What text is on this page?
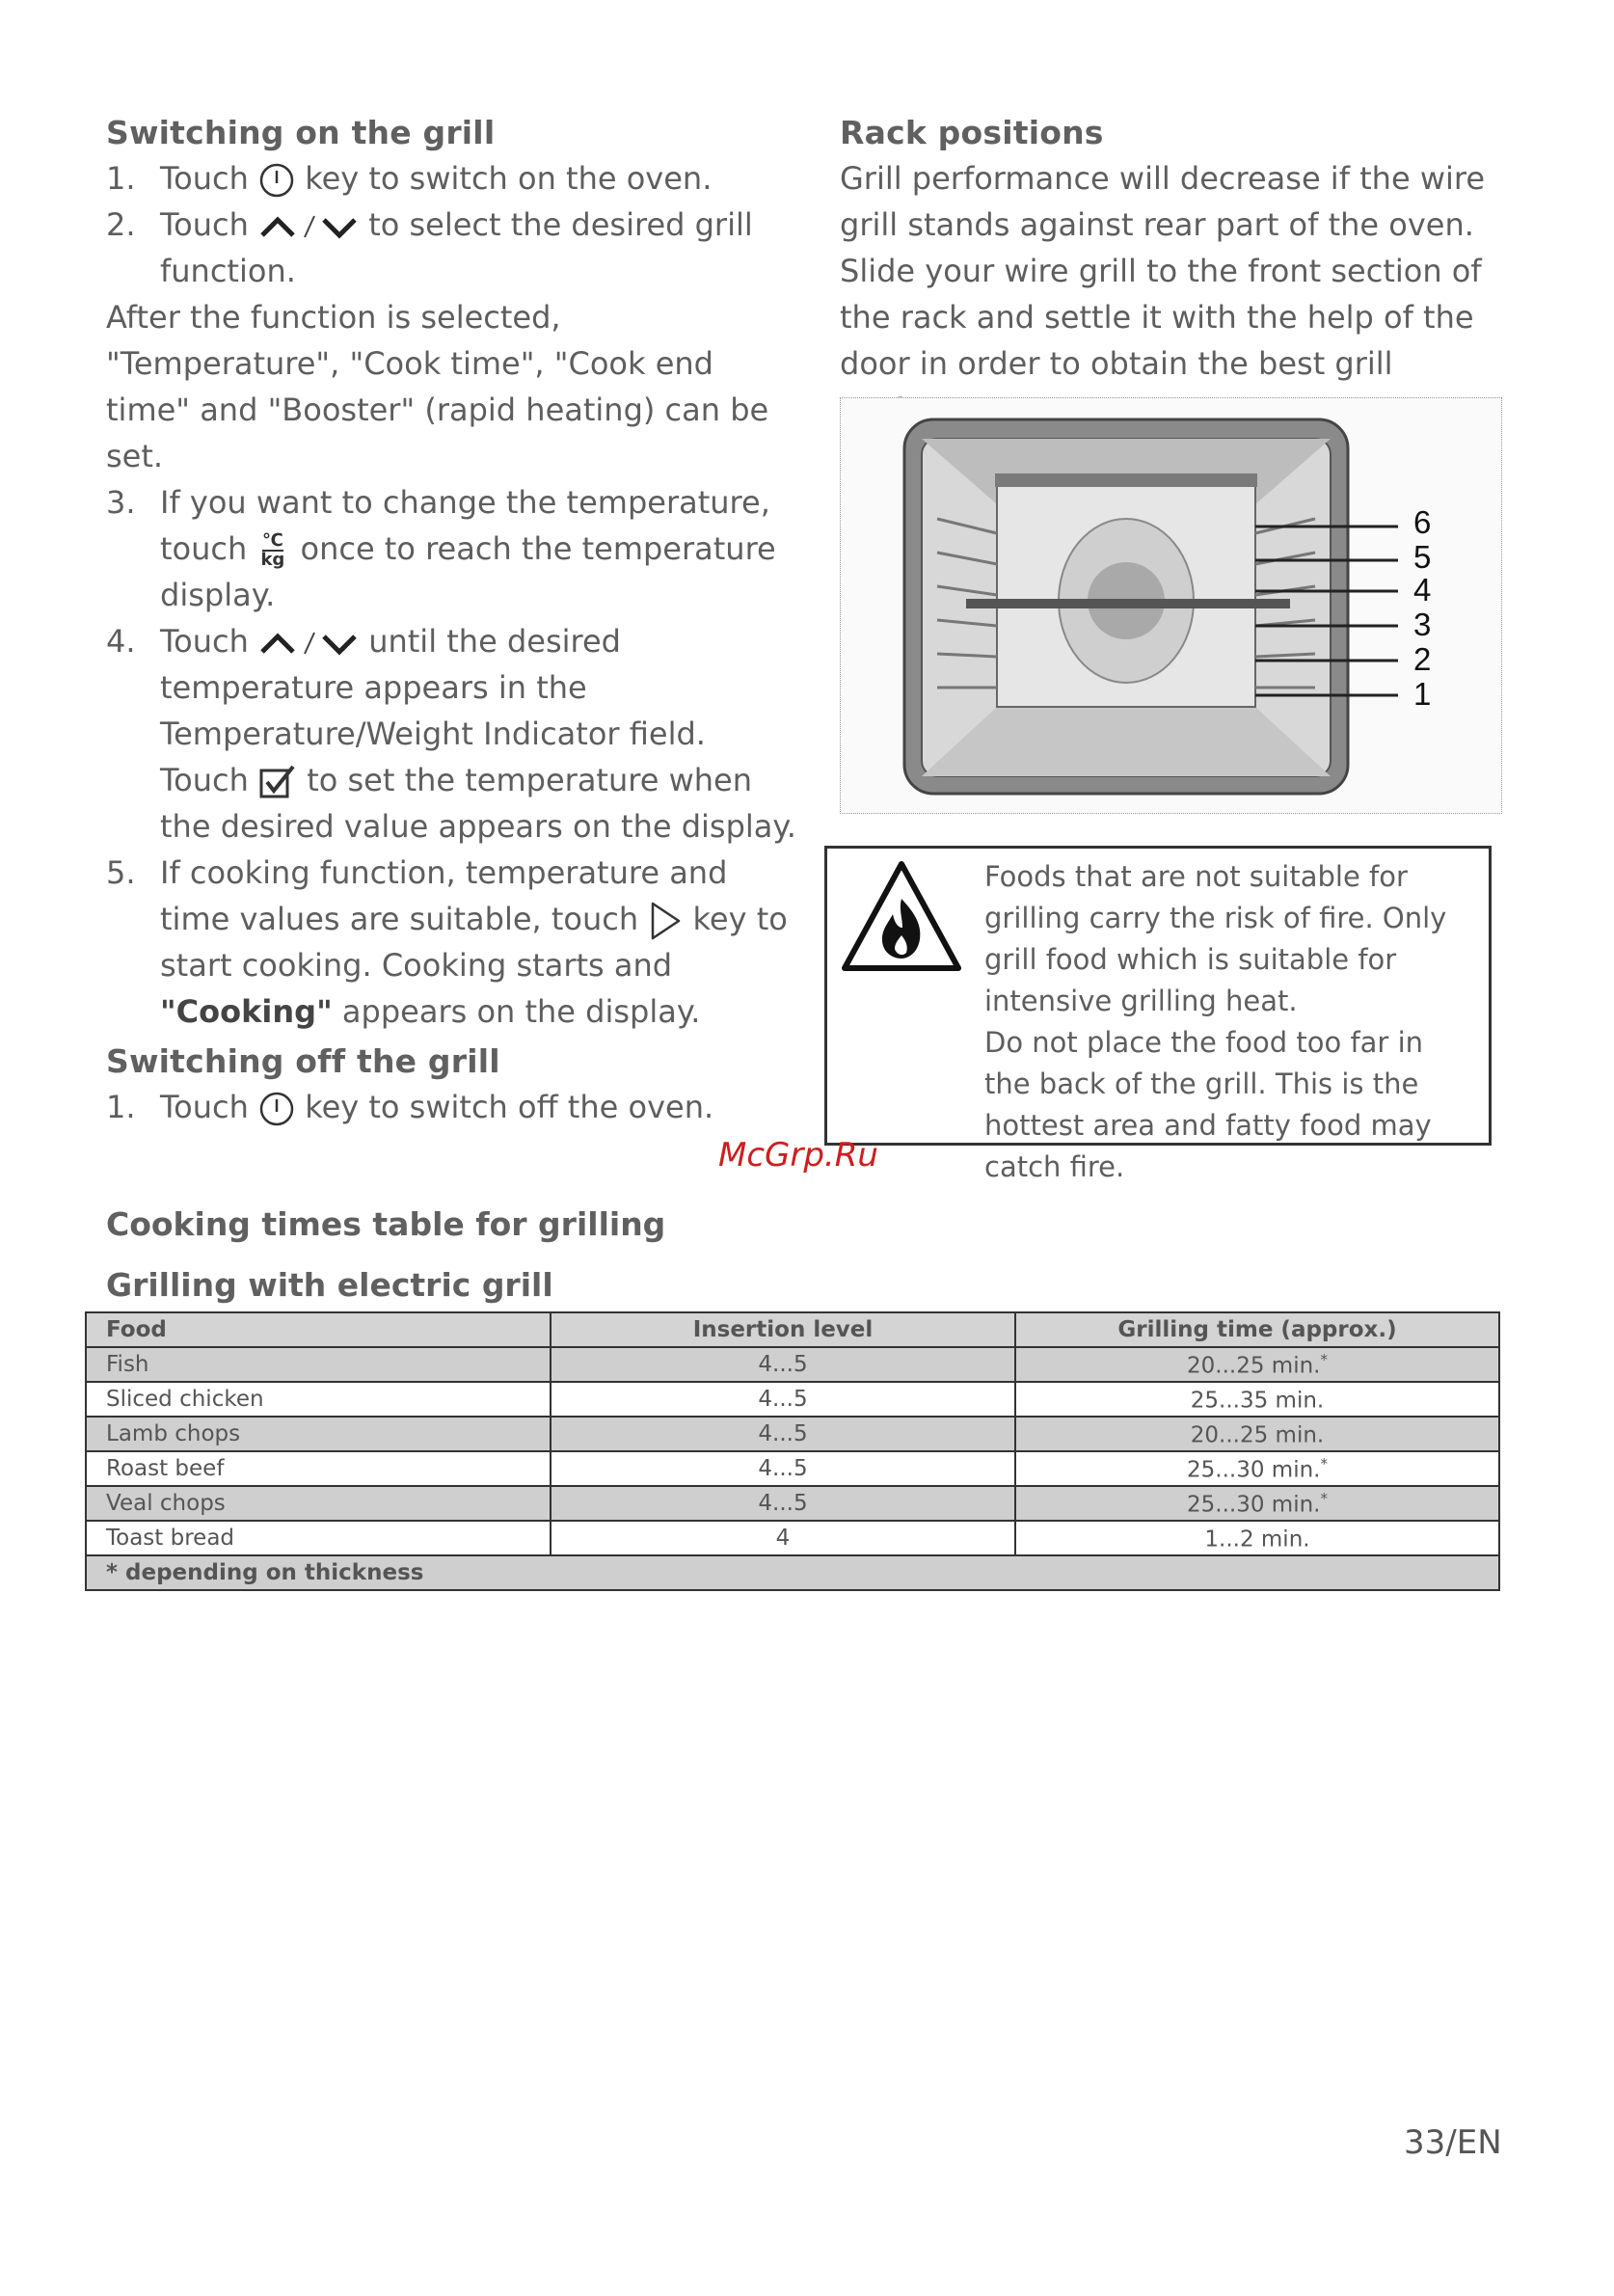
Switching on the grill
1. Touch key to switch on the oven.
2. Touch	to select the desired grill function.

After the function is selected, "Temperature", "Cook time", "Cook end time" and "Booster" (rapid heating) can be set.

3. If you want to change the temperature, touch ℃
kg once to reach the temperature display.
4. Touch	until the desired temperature appears in the Temperature/Weight Indicator field. Touch to set the temperature when the desired value appears on the display.
5. If cooking function, temperature and time values are suitable, touch key to start cooking. Cooking starts and "Cooking" appears on the display.
Switching off the grill
1. Touch key to switch off the oven.
Rack positions

Grill performance will decrease if the wire grill stands against rear part of the oven.

Slide your wire grill to the front section of the rack and settle it with the help of the door in order to obtain the best grill

6
5
4
3
2
1
Foods that are not suitable for grilling carry the risk of fire. Only grill food which is suitable for intensive grilling heat.
Do not place the food too far in the back of the grill. This is the hottest area and fatty food may catch fire.
McGrp.Ru
Cooking times table for grilling
Grilling with electric grill
Food	Insertion level	Grilling time (approx.)
Fish	4...5	20...25 min.*
Sliced chicken	4...5	25...35 min.
Lamb chops	4...5	20...25 min.
Roast beef	4...5	25...30 min.*
Veal chops	4...5	25...30 min.*
Toast bread	4	1...2 min.
* depending on thickness		
33/EN
